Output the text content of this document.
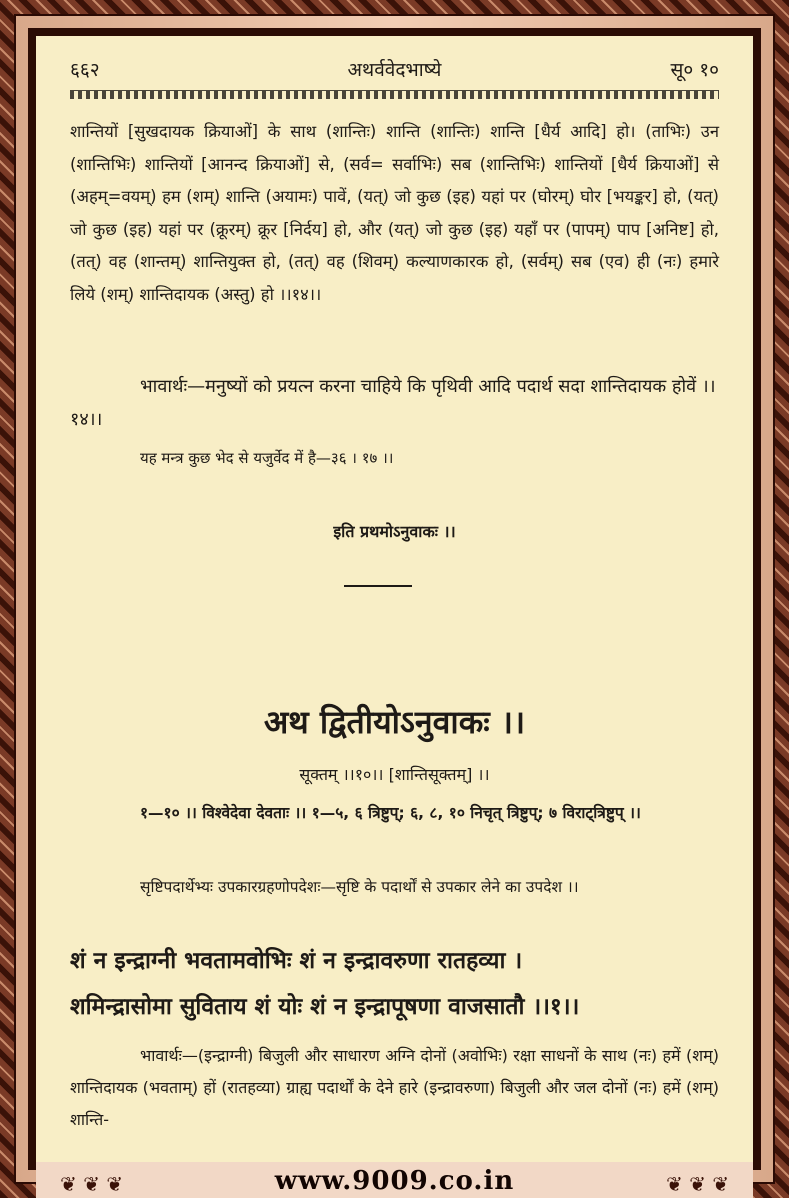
६६२	अथर्ववेदभाष्ये	सू० १०
शान्तियों [सुखदायक क्रियाओं] के साथ (शान्तिः) शान्ति (शान्तिः) शान्ति [धैर्य आदि] हो। (ताभिः) उन (शान्तिभिः) शान्तियों [आनन्द क्रियाओं] से, (सर्व= सर्वाभिः) सब (शान्तिभिः) शान्तियों [धैर्य क्रियाओं] से (अहम्=वयम्) हम (शम्) शान्ति (अयामः) पावें, (यत्) जो कुछ (इह) यहां पर (घोरम्) घोर [भयङ्कर] हो, (यत्) जो कुछ (इह) यहां पर (क्रूरम्) क्रूर [निर्दय] हो, और (यत्) जो कुछ (इह) यहाँ पर (पापम्) पाप [अनिष्ट] हो, (तत्) वह (शान्तम्) शान्तियुक्त हो, (तत्) वह (शिवम्) कल्याणकारक हो, (सर्वम्) सब (एव) ही (नः) हमारे लिये (शम्) शान्तिदायक (अस्तु) हो ।।१४।।
भावार्थः—मनुष्यों को प्रयत्न करना चाहिये कि पृथिवी आदि पदार्थ सदा शान्तिदायक होवें ।।१४।।
यह मन्त्र कुछ भेद से यजुर्वेद में है—३६ । १७ ।।
इति प्रथमोऽनुवाकः ।।
अथ द्वितीयोऽनुवाकः ।।
सूक्तम् ।।१०।। [शान्तिसूक्तम्] ।।
१—१० ।। विश्वेदेवा देवताः ।। १—५, ६ त्रिष्टुप्; ६, ८, १० निचृत् त्रिष्टुप्; ७ विराट्त्रिष्टुप् ।।
सृष्टिपदार्थेभ्यः उपकारग्रहणोपदेशः—सृष्टि के पदार्थों से उपकार लेने का उपदेश ।।
शं न इन्द्राग्नी भवतामवोभिः शं न इन्द्रावरुणा रातहव्या ।
शमिन्द्रासोमा सुविताय शं योः शं न इन्द्रापूषणा वाजसातौ ।।१।।
भावार्थः—(इन्द्राग्नी) बिजुली और साधारण अग्नि दोनों (अवोभिः) रक्षा साधनों के साथ (नः) हमें (शम्) शान्तिदायक (भवताम्) हों (रातहव्या) ग्राह्य पदार्थों के देने हारे (इन्द्रावरुणा) बिजुली और जल दोनों (नः) हमें (शम्) शान्ति-
❦ ❦ ❦	❦ ❦ ❦
www.9009.co.in
